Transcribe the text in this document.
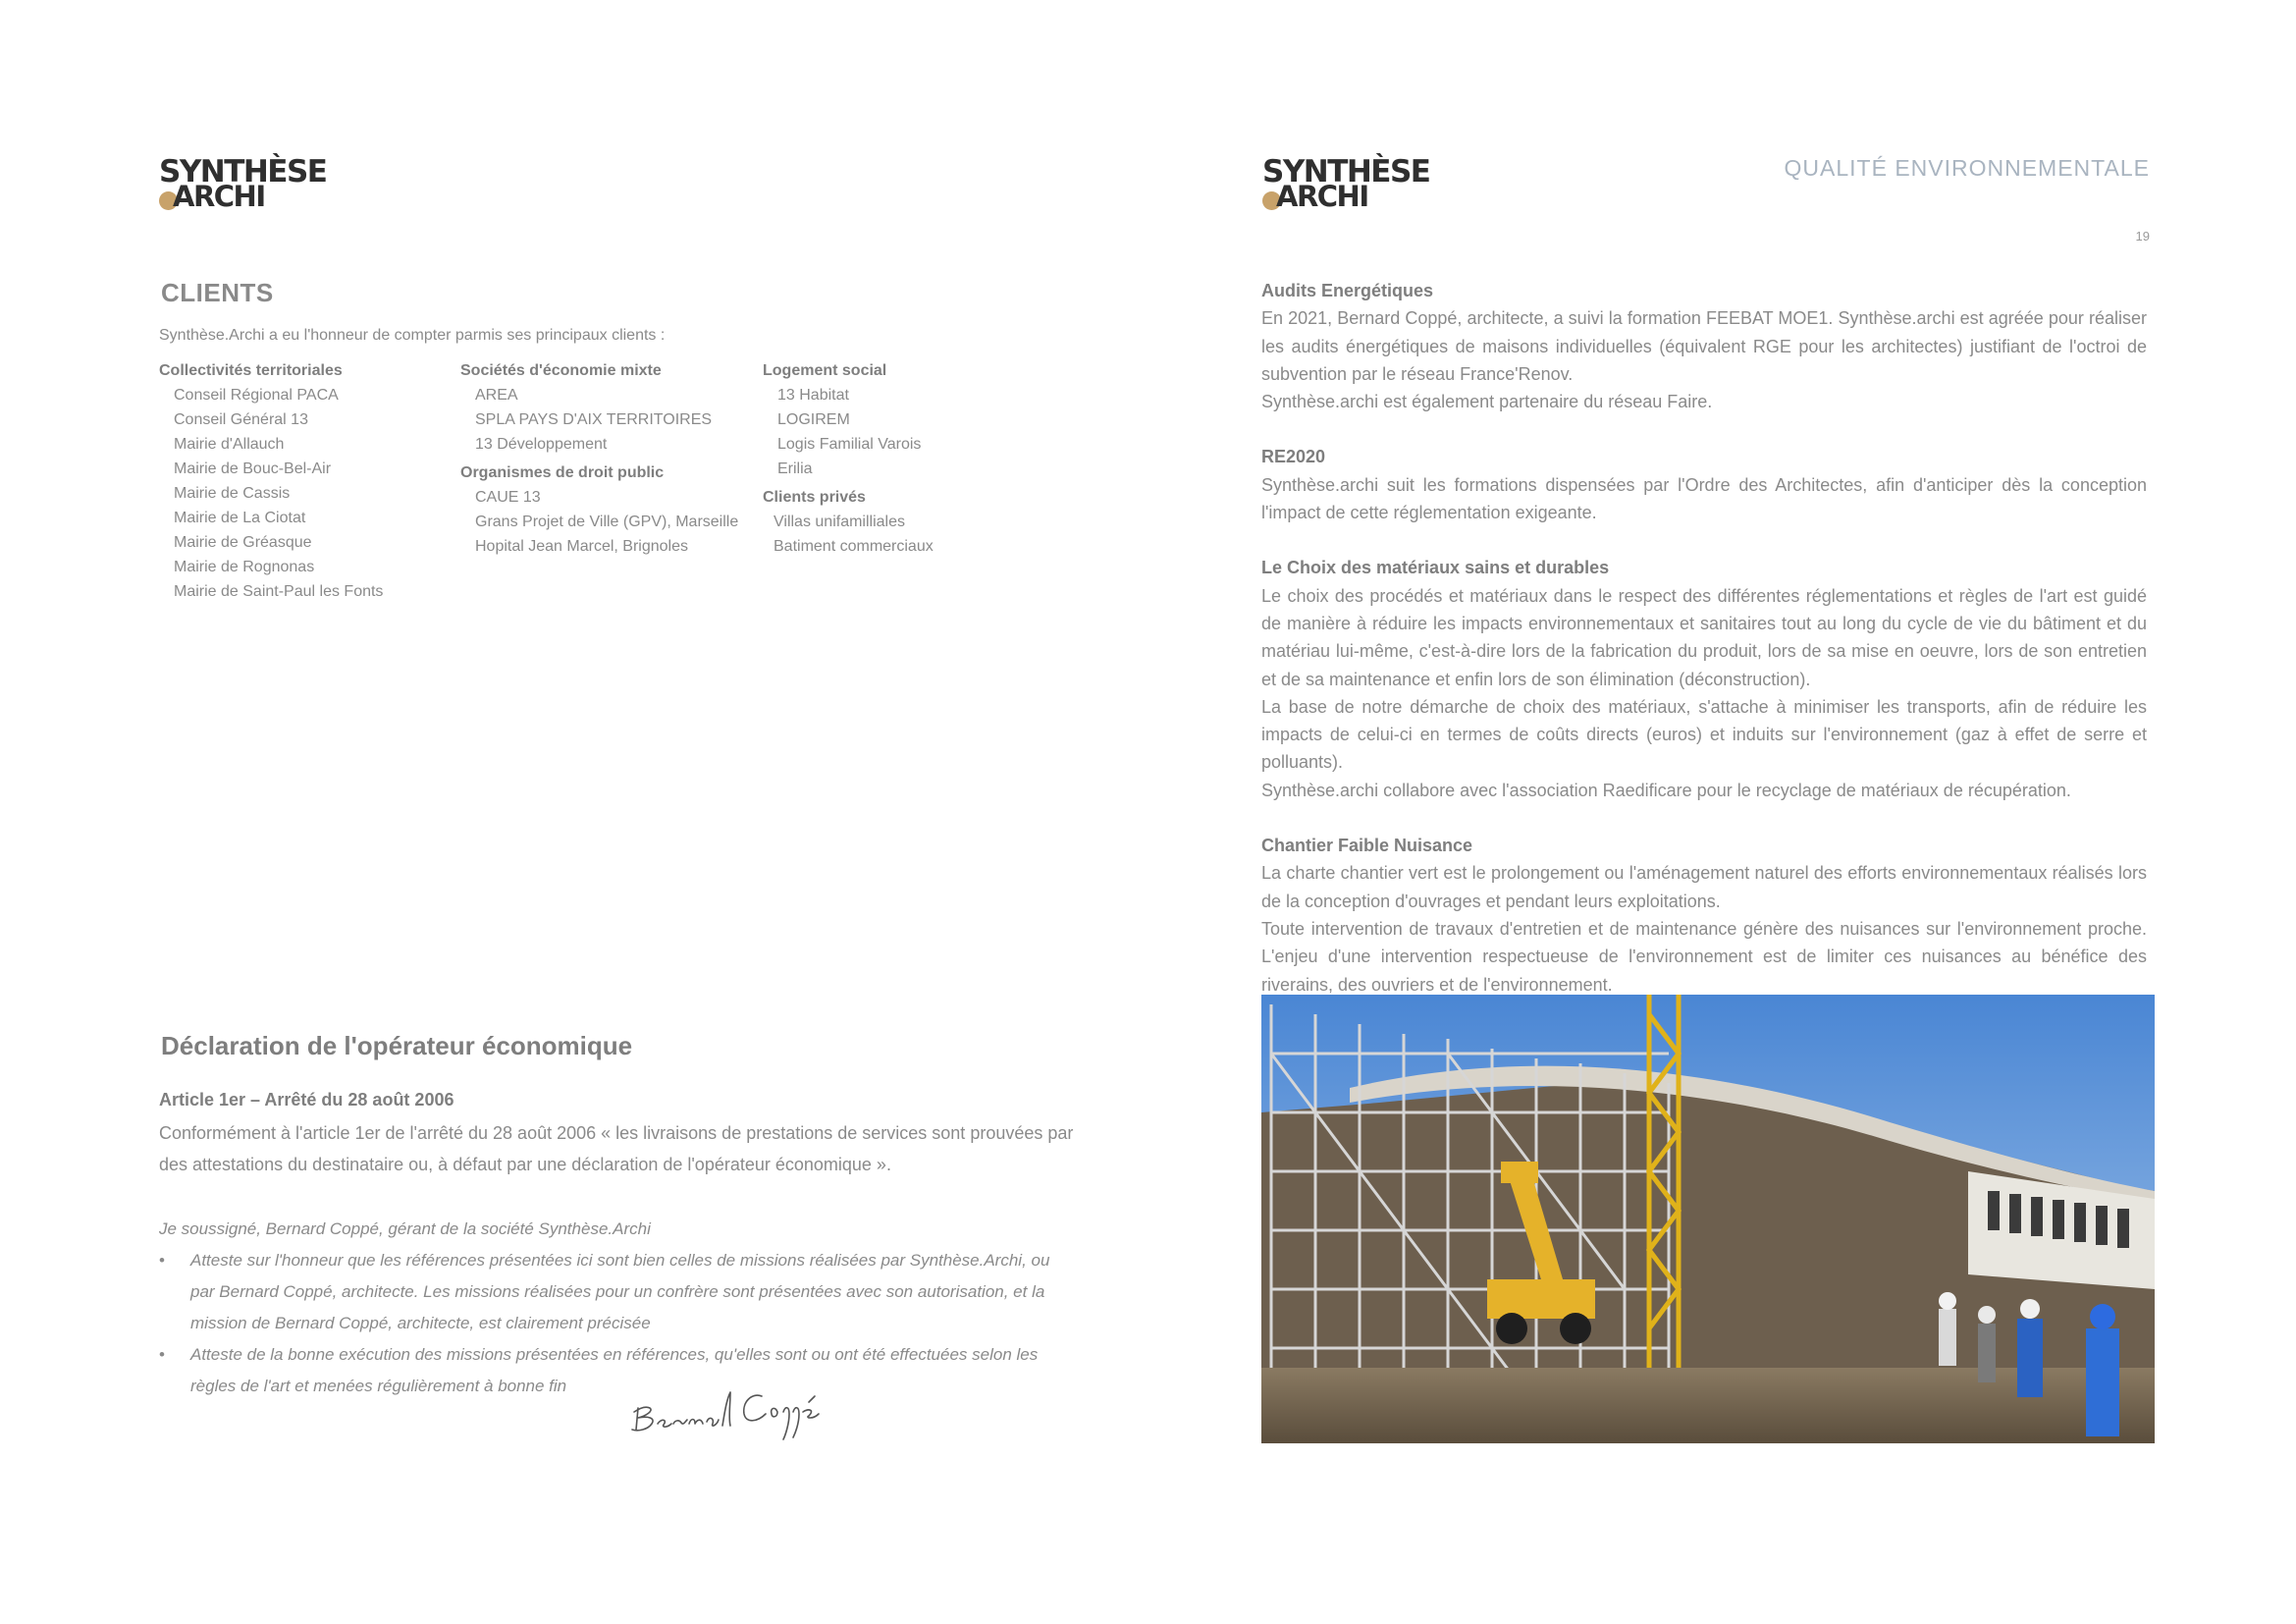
SYNTHÈSE
ARCHI
CLIENTS
Synthèse.Archi a eu l'honneur de compter parmis ses principaux clients :
Collectivités territoriales
Conseil Régional PACA
Conseil Général 13
Mairie d'Allauch
Mairie de Bouc-Bel-Air
Mairie de Cassis
Mairie de La Ciotat
Mairie de Gréasque
Mairie de Rognonas
Mairie de Saint-Paul les Fonts
Sociétés d'économie mixte
AREA
SPLA PAYS D'AIX TERRITOIRES
13 Développement
Organismes de droit public
CAUE 13
Grans Projet de Ville (GPV), Marseille
Hopital Jean Marcel, Brignoles
Logement social
13 Habitat
LOGIREM
Logis Familial Varois
Erilia
Clients privés
Villas unifamilliales
Batiment commerciaux
Déclaration de l'opérateur économique
Article 1er – Arrêté du 28 août 2006
Conformément à l'article 1er de l'arrêté du 28 août 2006 « les livraisons de prestations de services sont prouvées par des attestations du destinataire ou, à défaut par une déclaration de l'opérateur économique ».
Je soussigné, Bernard Coppé, gérant de la société Synthèse.Archi
• Atteste sur l'honneur que les références présentées ici sont bien celles de missions réalisées par Synthèse.Archi, ou par Bernard Coppé, architecte. Les missions réalisées pour un confrère sont présentées avec son autorisation, et la mission de Bernard Coppé, architecte, est clairement précisée
• Atteste de la bonne exécution des missions présentées en références, qu'elles sont ou ont été effectuées selon les règles de l'art et menées régulièrement à bonne fin
SYNTHÈSE
ARCHI
QUALITÉ ENVIRONNEMENTALE
19

Audits Energétiques

En 2021, Bernard Coppé, architecte, a suivi la formation FEEBAT MOE1. Synthèse.archi est agréée pour réaliser les audits énergétiques de maisons individuelles (équivalent RGE pour les architectes) justifiant de l'octroi de subvention par le réseau France'Renov.

Synthèse.archi est également partenaire du réseau Faire.

RE2020

Synthèse.archi suit les formations dispensées par l'Ordre des Architectes, afin d'anticiper dès la conception l'impact de cette réglementation exigeante.

Le Choix des matériaux sains et durables

Le choix des procédés et matériaux dans le respect des différentes réglementations et règles de l'art est guidé de manière à réduire les impacts environnementaux et sanitaires tout au long du cycle de vie du bâtiment et du matériau lui-même, c'est-à-dire lors de la fabrication du produit, lors de sa mise en oeuvre, lors de son entretien et de sa maintenance et enfin lors de son élimination (déconstruction).

La base de notre démarche de choix des matériaux, s'attache à minimiser les transports, afin de réduire les impacts de celui-ci en termes de coûts directs (euros) et induits sur l'environnement (gaz à effet de serre et polluants).

Synthèse.archi collabore avec l'association Raedificare pour le recyclage de matériaux de récupération.

Chantier Faible Nuisance

La charte chantier vert est le prolongement ou l'aménagement naturel des efforts environnementaux réalisés lors de la conception d'ouvrages et pendant leurs exploitations.

Toute intervention de travaux d'entretien et de maintenance génère des nuisances sur l'environnement proche. L'enjeu d'une intervention respectueuse de l'environnement est de limiter ces nuisances au bénéfice des riverains, des ouvriers et de l'environnement.
